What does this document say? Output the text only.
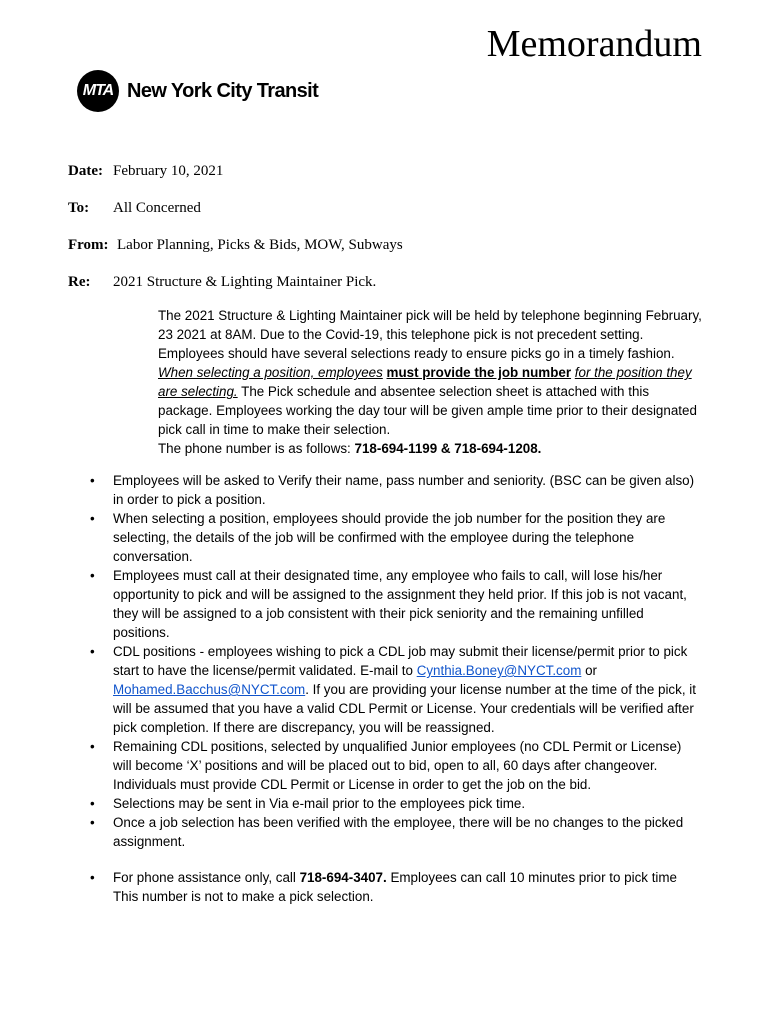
Memorandum
MTA New York City Transit
Date: February 10, 2021
To: All Concerned
From: Labor Planning, Picks & Bids, MOW, Subways
Re: 2021 Structure & Lighting Maintainer Pick.

The 2021 Structure & Lighting Maintainer pick will be held by telephone beginning February, 23 2021 at 8AM. Due to the Covid-19, this telephone pick is not precedent setting. Employees should have several selections ready to ensure picks go in a timely fashion.  When selecting a position, employees must provide the job number for the position they are selecting. The Pick schedule and absentee selection sheet is attached with this package. Employees working the day tour will be given ample time prior to their designated pick call in time to make their selection.

The phone number is as follows: 718-694-1199 & 718-694-1208.

• Employees will be asked to Verify their name, pass number and seniority. (BSC can be given also) in order to pick a position.
• When selecting a position, employees should provide the job number for the position they are selecting, the details of the job will be confirmed with the employee during the telephone conversation.
• Employees must call at their designated time, any employee who fails to call, will lose his/her opportunity to pick and will be assigned to the assignment they held prior. If this job is not vacant, they will be assigned to a job consistent with their pick seniority and the remaining unfilled positions.
• CDL positions - employees wishing to pick a CDL job may submit their license/permit prior to pick start to have the license/permit validated. E-mail to Cynthia.Boney@NYCT.com or Mohamed.Bacchus@NYCT.com. If you are providing your license number at the time of the pick, it will be assumed that you have a valid CDL Permit or License. Your credentials will be verified after pick completion. If there are discrepancy, you will be reassigned.
• Remaining CDL positions, selected by unqualified Junior employees (no CDL Permit or License) will become ‘X’ positions and will be placed out to bid, open to all, 60 days after changeover. Individuals must provide CDL Permit or License in order to get the job on the bid.
• Selections may be sent in Via e-mail prior to the employees pick time.
• Once a job selection has been verified with the employee, there will be no changes to the picked assignment.
• For phone assistance only, call 718-694-3407. Employees can call 10 minutes prior to pick time This number is not to make a pick selection.
